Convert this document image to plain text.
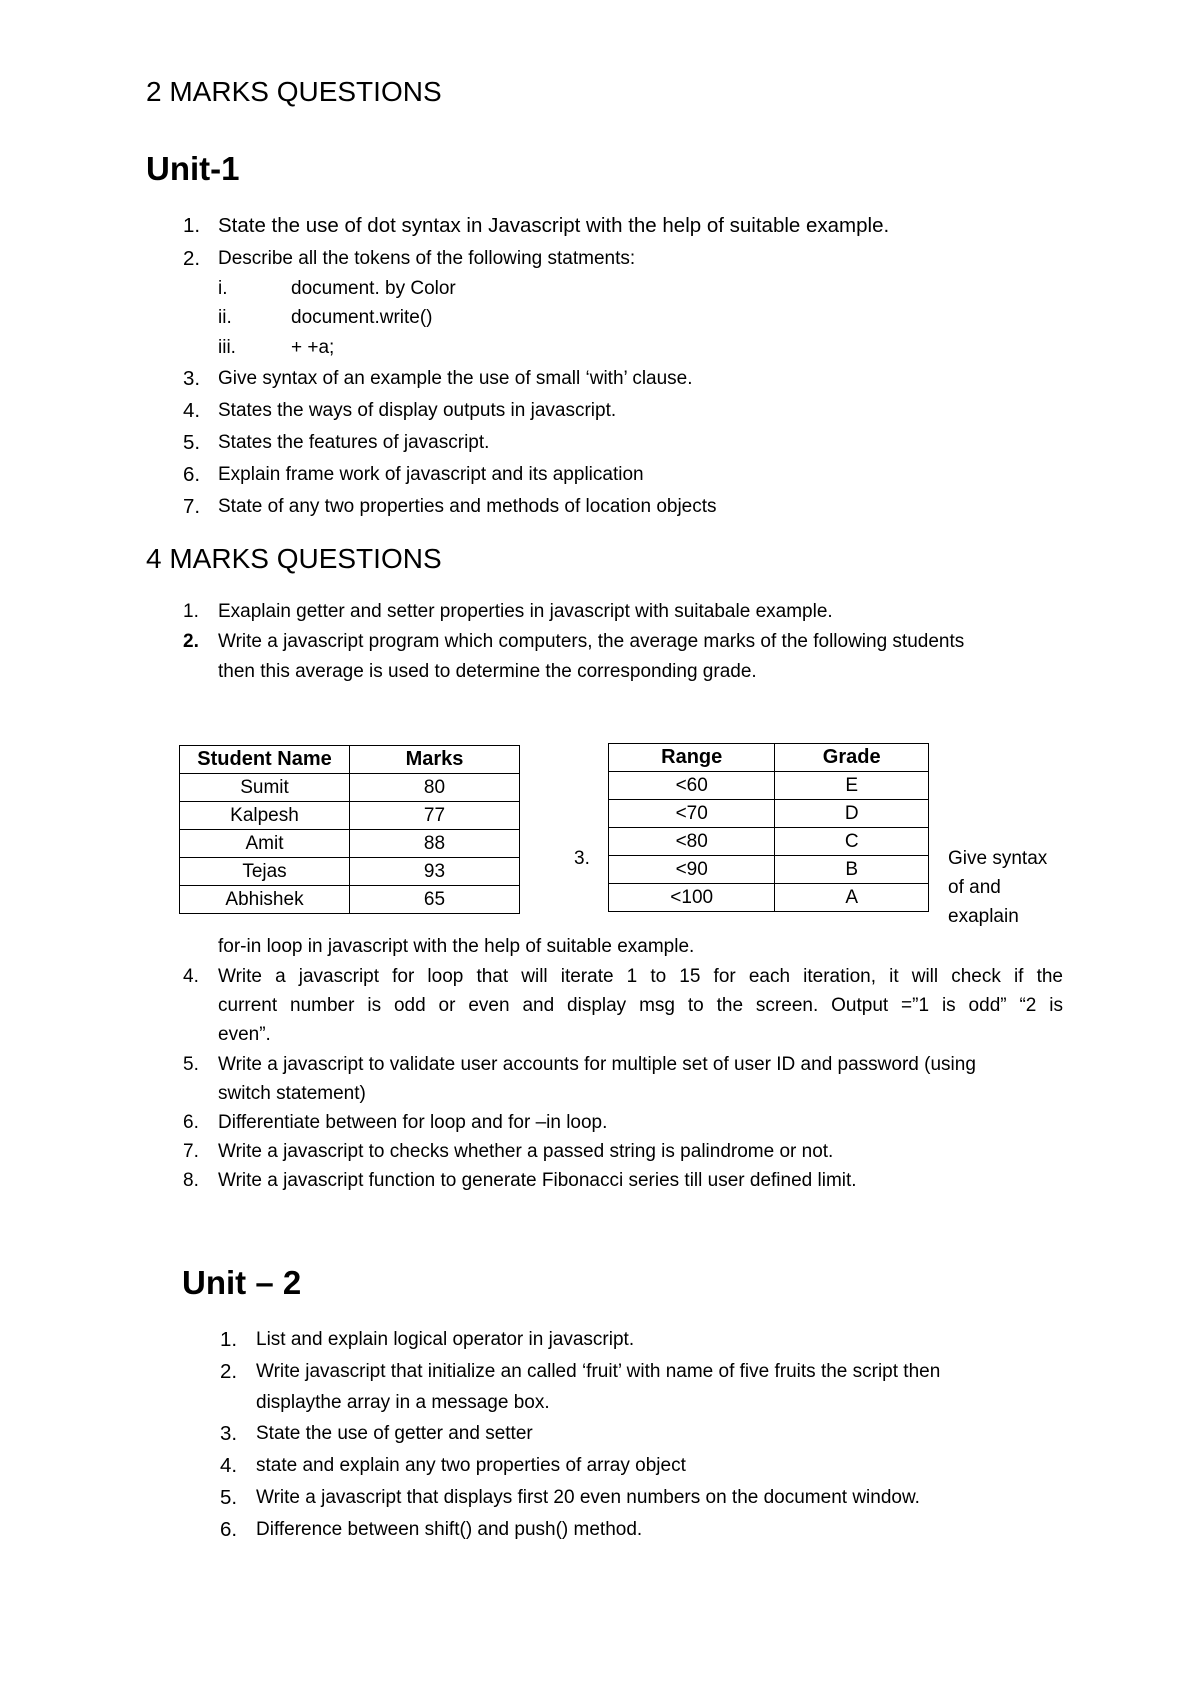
2 MARKS QUESTIONS
Unit-1
1. State the use of dot syntax in Javascript with the help of suitable example.
2. Describe all the tokens of the following statments:
i.	document. by Color
ii.	document.write()
iii.	+ +a;
3. Give syntax of an example the use of small ‘with’ clause.
4. States the ways of display outputs in javascript.
5. States the features of javascript.
6. Explain frame work of javascript and its application
7. State of any two properties and methods of location objects
4 MARKS QUESTIONS
1. Exaplain getter and setter properties in javascript with suitabale example.
2. Write a javascript program which computers, the average marks of the following students
then this average is used to determine the corresponding grade.
Student Name	Marks
Sumit	80
Kalpesh	77
Amit	88
Tejas	93
Abhishek	65
3.
Range	Grade
<60	E
<70	D
<80	C
<90	B
<100	A
Give syntax
of and
exaplain
for-in loop in javascript with the help of suitable example.
4. Write a javascript for loop that will iterate 1 to 15 for each iteration, it will check if the
current number is odd or even and display msg to the screen. Output =”1 is odd” “2 is
even”.
5. Write a javascript to validate user accounts for multiple set of user ID and password (using
switch statement)
6. Differentiate between for loop and for –in loop.
7. Write a javascript to checks whether a passed string is palindrome or not.
8. Write a javascript function to generate Fibonacci series till user defined limit.
Unit – 2
1. List and explain logical operator in javascript.
2. Write javascript that initialize an called ‘fruit’ with name of five fruits the script then
displaythe array in a message box.
3. State the use of getter and setter
4. state and explain any two properties of array object
5. Write a javascript that displays first 20 even numbers on the document window.
6. Difference between shift() and push() method.
